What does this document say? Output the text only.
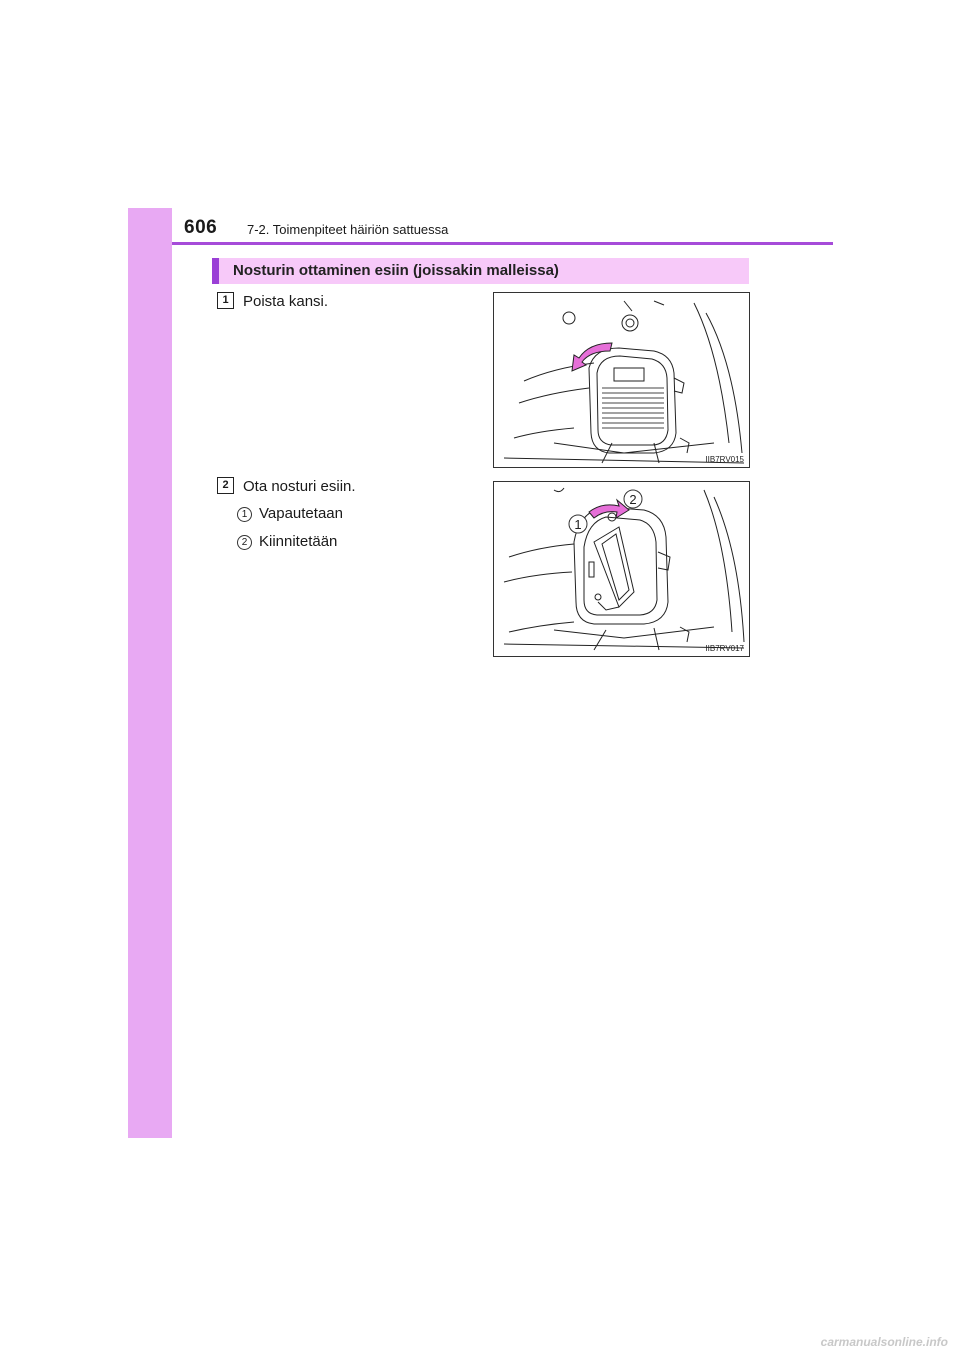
606 7-2. Toimenpiteet häiriön sattuessa
Nosturin ottaminen esiin (joissakin malleissa)
1 Poista kansi.
IIB7RV015
2 Ota nosturi esiin.
1 Vapautetaan
2 Kiinnitetään
1
2
IIB7RV017
carmanualsonline.info
